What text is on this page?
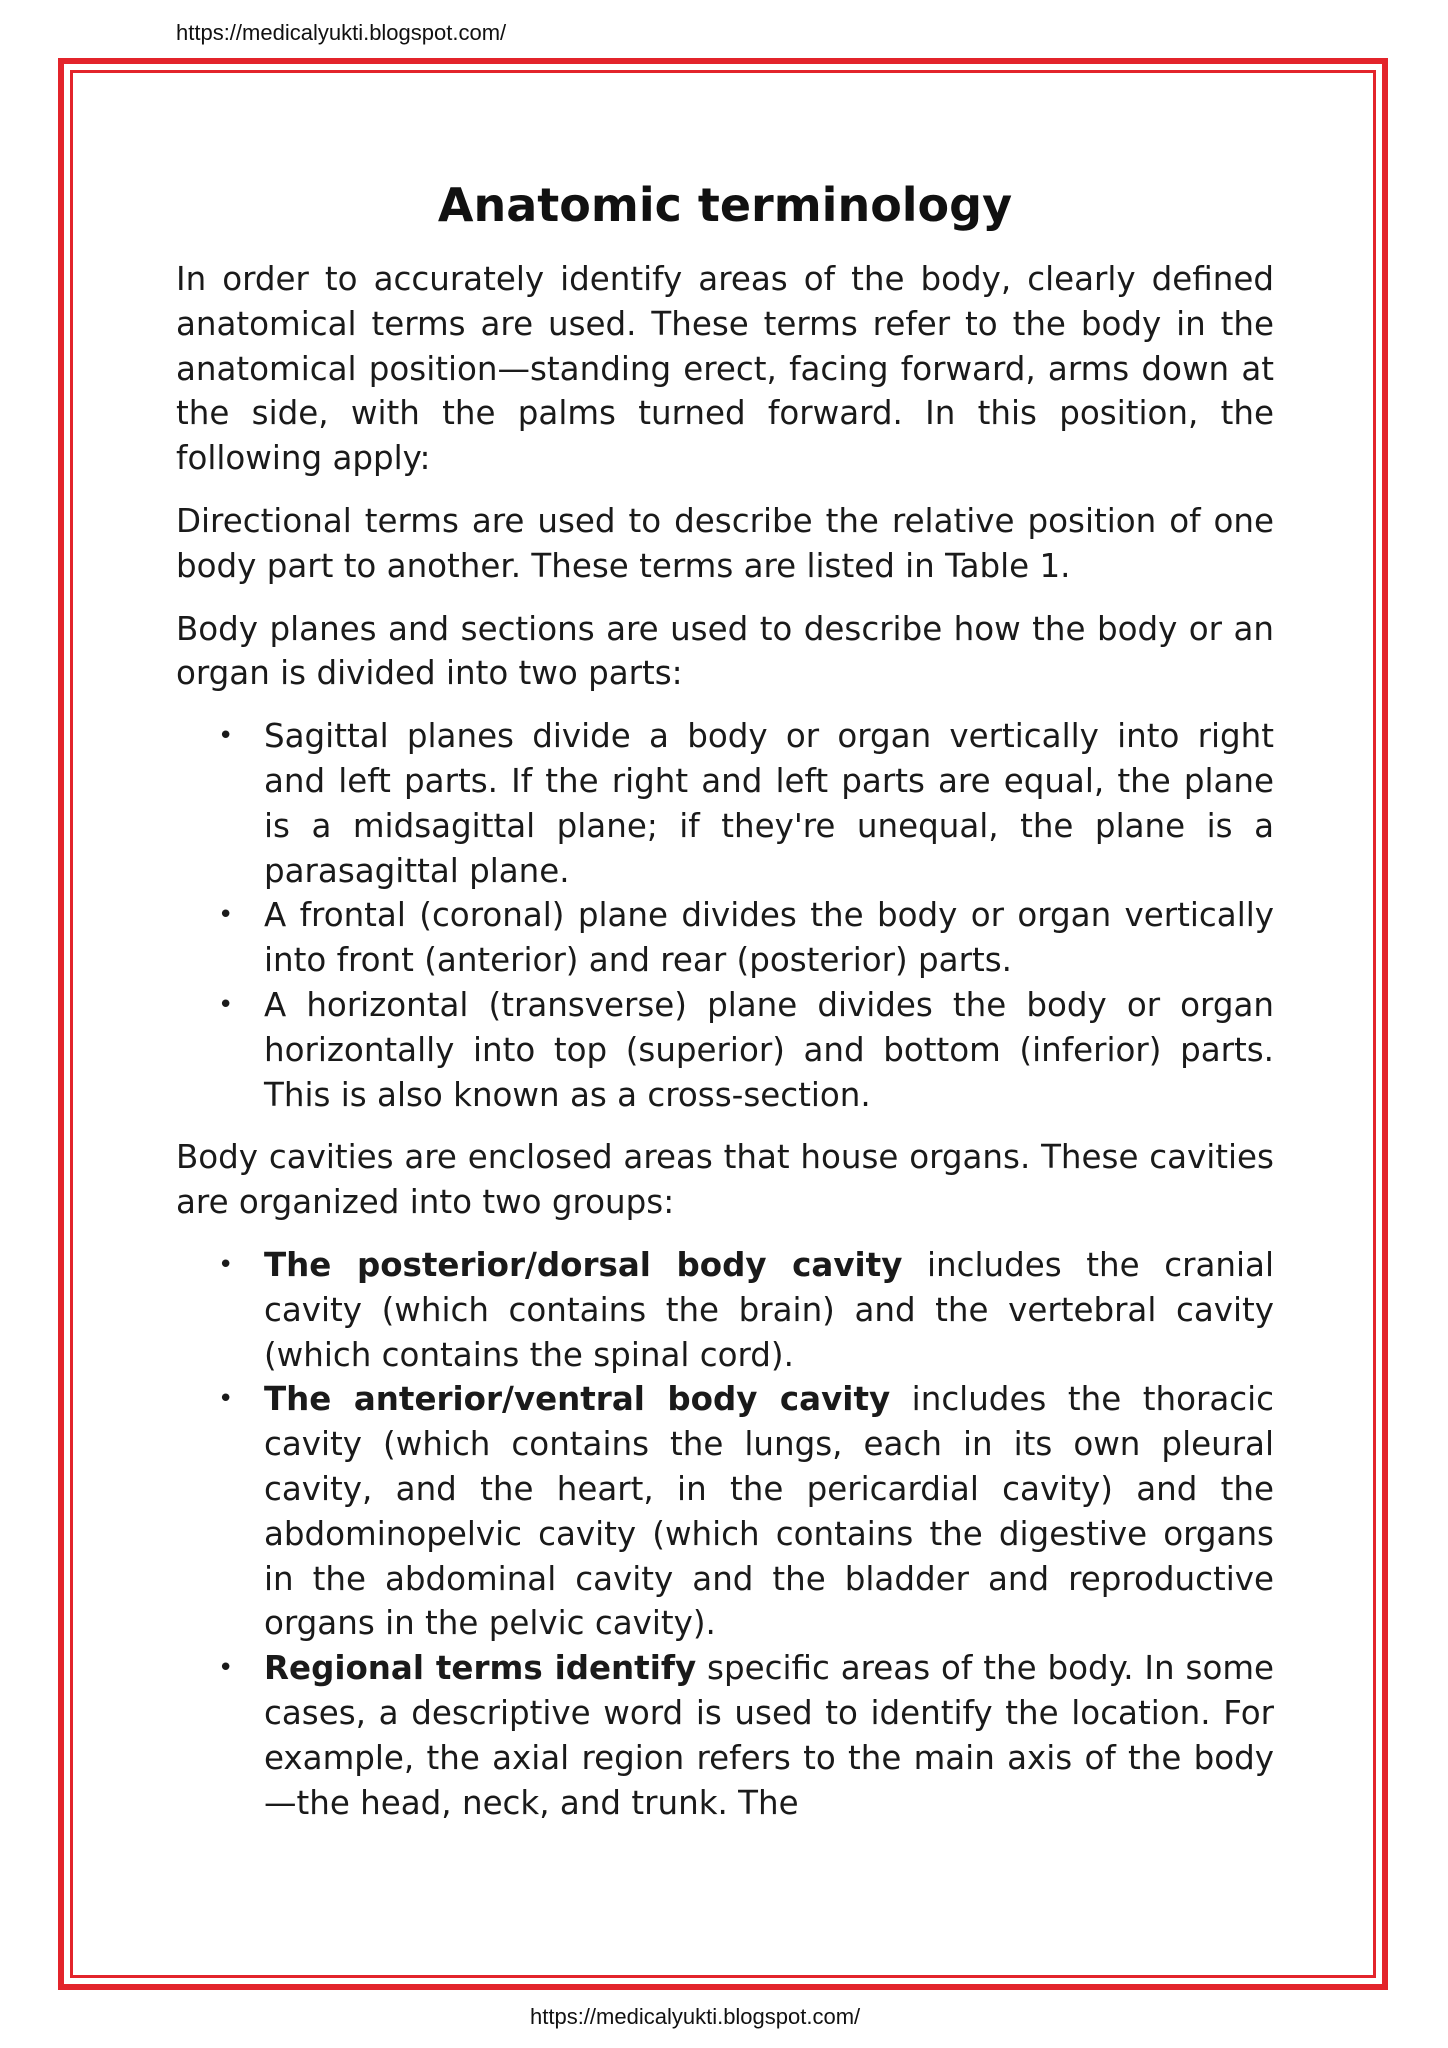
https://medicalyukti.blogspot.com/
Anatomic terminology

In order to accurately identify areas of the body, clearly defined anatomical terms are used. These terms refer to the body in the anatomical position—standing erect, facing forward, arms down at the side, with the palms turned forward. In this position, the following apply:

Directional terms are used to describe the relative position of one body part to another. These terms are listed in Table 1.

Body planes and sections are used to describe how the body or an organ is divided into two parts:

• Sagittal planes divide a body or organ vertically into right and left parts. If the right and left parts are equal, the plane is a midsagittal plane; if they're unequal, the plane is a parasagittal plane.
• A frontal (coronal) plane divides the body or organ vertically into front (anterior) and rear (posterior) parts.
• A horizontal (transverse) plane divides the body or organ horizontally into top (superior) and bottom (inferior) parts. This is also known as a cross-section.

Body cavities are enclosed areas that house organs. These cavities are organized into two groups:

• The posterior/dorsal body cavity includes the cranial cavity (which contains the brain) and the vertebral cavity (which contains the spinal cord).
• The anterior/ventral body cavity includes the thoracic cavity (which contains the lungs, each in its own pleural cavity, and the heart, in the pericardial cavity) and the abdominopelvic cavity (which contains the digestive organs in the abdominal cavity and the bladder and reproductive organs in the pelvic cavity).
• Regional terms identify specific areas of the body. In some cases, a descriptive word is used to identify the location. For example, the axial region refers to the main axis of the body—the head, neck, and trunk. The
https://medicalyukti.blogspot.com/
